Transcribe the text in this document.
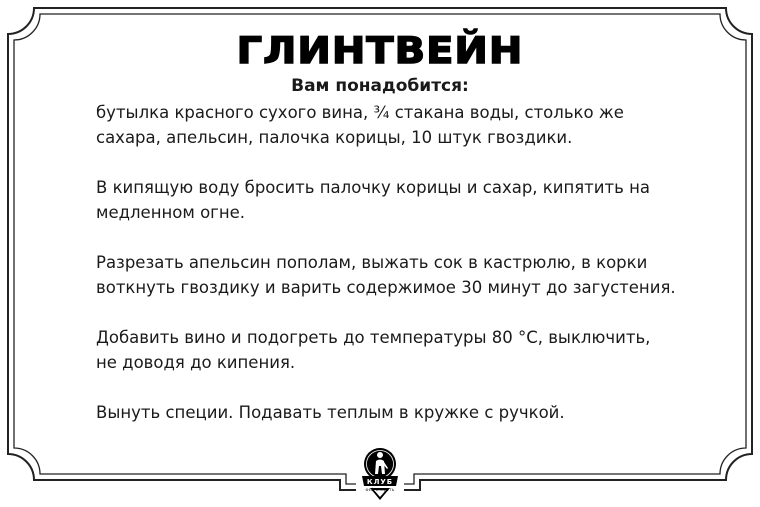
ГЛИНТВЕЙН
Вам понадобится:

бутылка красного сухого вина, ¾ стакана воды, столько же сахара, апельсин, палочка корицы, 10 штук гвоздики.

В кипящую воду бросить палочку корицы и сахар, кипятить на медленном огне.

Разрезать апельсин пополам, выжать сок в кастрюлю, в корки воткнуть гвоздику и варить содержимое 30 минут до загустения.

Добавить вино и подогреть до температуры 80 °С, выключить, не доводя до кипения.

Вынуть специи. Подавать теплым в кружке с ручкой.

КЛУБ
ФЕЙ ВЛАДУТЬ
